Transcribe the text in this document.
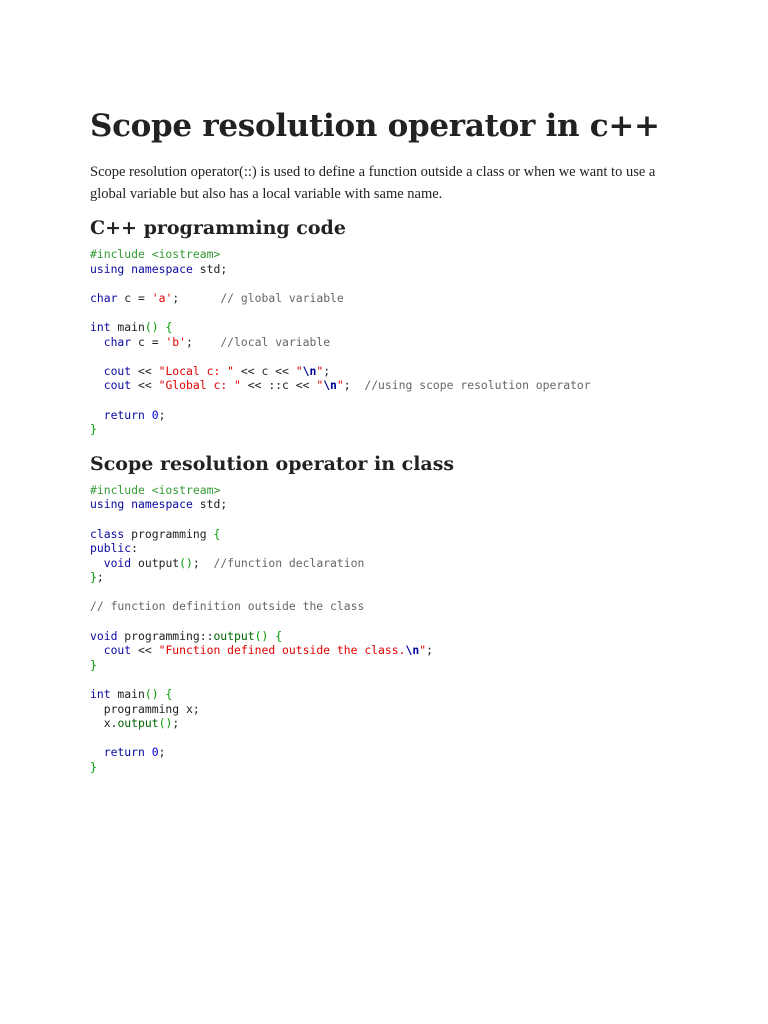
Scope resolution operator in c++

Scope resolution operator(::) is used to define a function outside a class or when we want to use a global variable but also has a local variable with same name.

C++ programming code
#include <iostream>
using namespace std;

char c = 'a';      // global variable

int main() {
char c = 'b';    //local variable

cout << "Local c: " << c << "\n";
cout << "Global c: " << ::c << "\n";  //using scope resolution operator

return 0;
}
Scope resolution operator in class
#include <iostream>
using namespace std;

class programming {
public:
void output();  //function declaration
};

// function definition outside the class

void programming::output() {
cout << "Function defined outside the class.\n";
}

int main() {
programming x;
x.output();

return 0;
}
